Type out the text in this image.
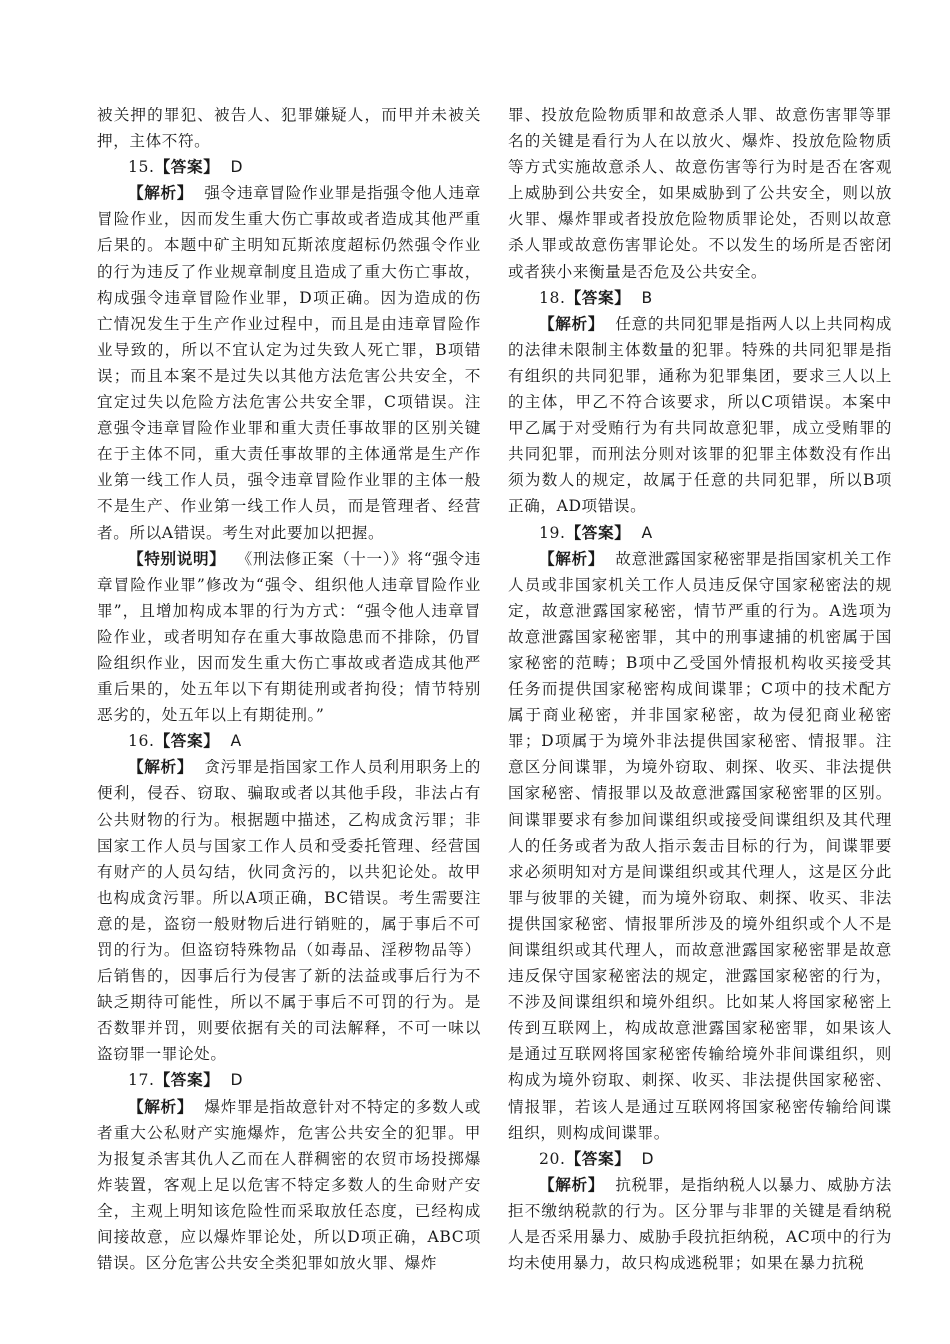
被关押的罪犯、被告人、犯罪嫌疑人，而甲并未被关押，主体不符。

15.【答案】 D

【解析】 强令违章冒险作业罪是指强令他人违章冒险作业，因而发生重大伤亡事故或者造成其他严重后果的。本题中矿主明知瓦斯浓度超标仍然强令作业的行为违反了作业规章制度且造成了重大伤亡事故，构成强令违章冒险作业罪，D项正确。因为造成的伤亡情况发生于生产作业过程中，而且是由违章冒险作业导致的，所以不宜认定为过失致人死亡罪，B项错误；而且本案不是过失以其他方法危害公共安全，不宜定过失以危险方法危害公共安全罪，C项错误。注意强令违章冒险作业罪和重大责任事故罪的区别关键在于主体不同，重大责任事故罪的主体通常是生产作业第一线工作人员，强令违章冒险作业罪的主体一般不是生产、作业第一线工作人员，而是管理者、经营者。所以A错误。考生对此要加以把握。

【特别说明】 《刑法修正案（十一）》将“强令违章冒险作业罪”修改为“强令、组织他人违章冒险作业罪”，且增加构成本罪的行为方式：“强令他人违章冒险作业，或者明知存在重大事故隐患而不排除，仍冒险组织作业，因而发生重大伤亡事故或者造成其他严重后果的，处五年以下有期徒刑或者拘役；情节特别恶劣的，处五年以上有期徒刑。”

16.【答案】 A

【解析】 贪污罪是指国家工作人员利用职务上的便利，侵吞、窃取、骗取或者以其他手段，非法占有公共财物的行为。根据题中描述，乙构成贪污罪；非国家工作人员与国家工作人员和受委托管理、经营国有财产的人员勾结，伙同贪污的，以共犯论处。故甲也构成贪污罪。所以A项正确，BC错误。考生需要注意的是，盗窃一般财物后进行销赃的，属于事后不可罚的行为。但盗窃特殊物品（如毒品、淫秽物品等）后销售的，因事后行为侵害了新的法益或事后行为不缺乏期待可能性，所以不属于事后不可罚的行为。是否数罪并罚，则要依据有关的司法解释，不可一味以盗窃罪一罪论处。

17.【答案】 D

【解析】 爆炸罪是指故意针对不特定的多数人或者重大公私财产实施爆炸，危害公共安全的犯罪。甲为报复杀害其仇人乙而在人群稠密的农贸市场投掷爆炸装置，客观上足以危害不特定多数人的生命财产安全，主观上明知该危险性而采取放任态度，已经构成间接故意，应以爆炸罪论处，所以D项正确，ABC项错误。区分危害公共安全类犯罪如放火罪、爆炸

罪、投放危险物质罪和故意杀人罪、故意伤害罪等罪名的关键是看行为人在以放火、爆炸、投放危险物质等方式实施故意杀人、故意伤害等行为时是否在客观上威胁到公共安全，如果威胁到了公共安全，则以放火罪、爆炸罪或者投放危险物质罪论处，否则以故意杀人罪或故意伤害罪论处。不以发生的场所是否密闭或者狭小来衡量是否危及公共安全。

18.【答案】 B

【解析】 任意的共同犯罪是指两人以上共同构成的法律未限制主体数量的犯罪。特殊的共同犯罪是指有组织的共同犯罪，通称为犯罪集团，要求三人以上的主体，甲乙不符合该要求，所以C项错误。本案中甲乙属于对受贿行为有共同故意犯罪，成立受贿罪的共同犯罪，而刑法分则对该罪的犯罪主体数没有作出须为数人的规定，故属于任意的共同犯罪，所以B项正确，AD项错误。

19.【答案】 A

【解析】 故意泄露国家秘密罪是指国家机关工作人员或非国家机关工作人员违反保守国家秘密法的规定，故意泄露国家秘密，情节严重的行为。A选项为故意泄露国家秘密罪，其中的刑事逮捕的机密属于国家秘密的范畴；B项中乙受国外情报机构收买接受其任务而提供国家秘密构成间谍罪；C项中的技术配方属于商业秘密，并非国家秘密，故为侵犯商业秘密罪；D项属于为境外非法提供国家秘密、情报罪。注意区分间谍罪，为境外窃取、刺探、收买、非法提供国家秘密、情报罪以及故意泄露国家秘密罪的区别。间谍罪要求有参加间谍组织或接受间谍组织及其代理人的任务或者为敌人指示轰击目标的行为，间谍罪要求必须明知对方是间谍组织或其代理人，这是区分此罪与彼罪的关键，而为境外窃取、刺探、收买、非法提供国家秘密、情报罪所涉及的境外组织或个人不是间谍组织或其代理人，而故意泄露国家秘密罪是故意违反保守国家秘密法的规定，泄露国家秘密的行为，不涉及间谍组织和境外组织。比如某人将国家秘密上传到互联网上，构成故意泄露国家秘密罪，如果该人是通过互联网将国家秘密传输给境外非间谍组织，则构成为境外窃取、刺探、收买、非法提供国家秘密、情报罪，若该人是通过互联网将国家秘密传输给间谍组织，则构成间谍罪。

20.【答案】 D

【解析】 抗税罪，是指纳税人以暴力、威胁方法拒不缴纳税款的行为。区分罪与非罪的关键是看纳税人是否采用暴力、威胁手段抗拒纳税，AC项中的行为均未使用暴力，故只构成逃税罪；如果在暴力抗税
